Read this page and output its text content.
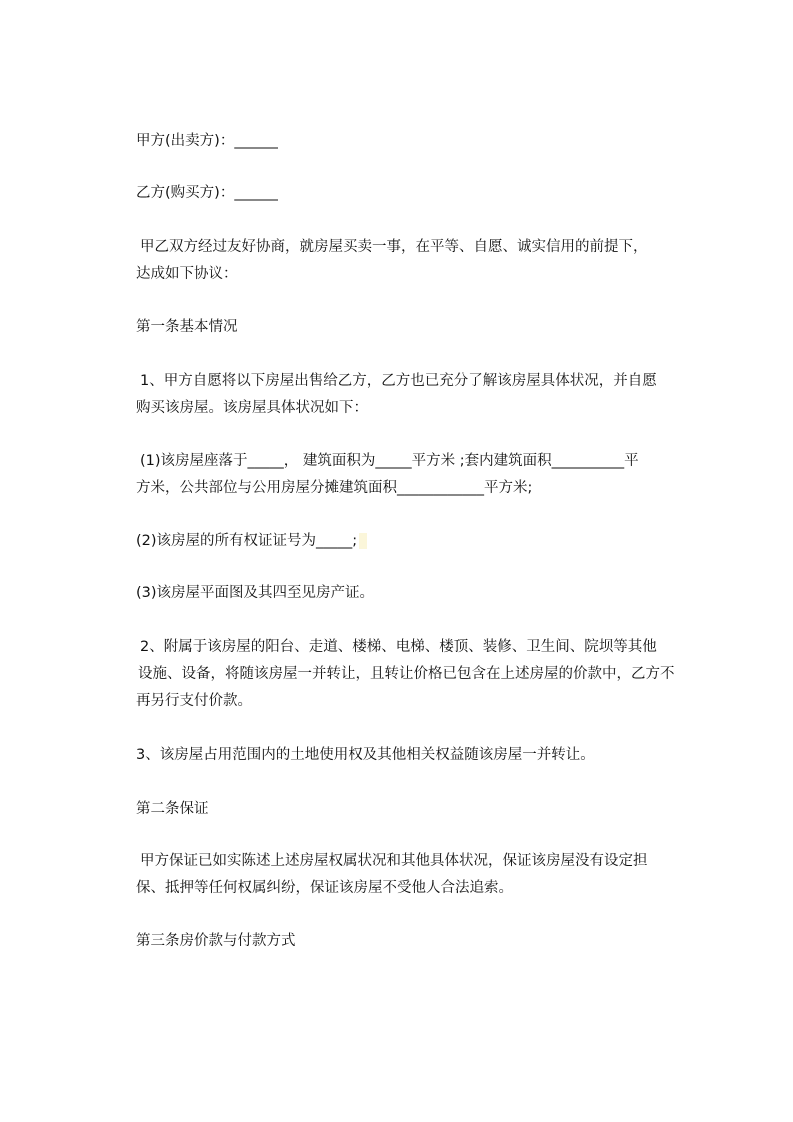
甲方(出卖方)：______

乙方(购买方)：______

甲乙双方经过友好协商，就房屋买卖一事，在平等、自愿、诚实信用的前提下，
达成如下协议：

第一条基本情况

1、甲方自愿将以下房屋出售给乙方，乙方也已充分了解该房屋具体状况，并自愿
购买该房屋。该房屋具体状况如下：
(1)该房屋座落于_____， 建筑面积为_____平方米 ;套内建筑面积__________平
方米，公共部位与公用房屋分摊建筑面积____________平方米;

(2)该房屋的所有权证证号为_____;

(3)该房屋平面图及其四至见房产证。

2、附属于该房屋的阳台、走道、楼梯、电梯、楼顶、装修、卫生间、院坝等其他
设施、设备，将随该房屋一并转让，且转让价格已包含在上述房屋的价款中，乙方不
再另行支付价款。

3、该房屋占用范围内的土地使用权及其他相关权益随该房屋一并转让。

第二条保证

甲方保证已如实陈述上述房屋权属状况和其他具体状况，保证该房屋没有设定担
保、抵押等任何权属纠纷，保证该房屋不受他人合法追索。

第三条房价款与付款方式
